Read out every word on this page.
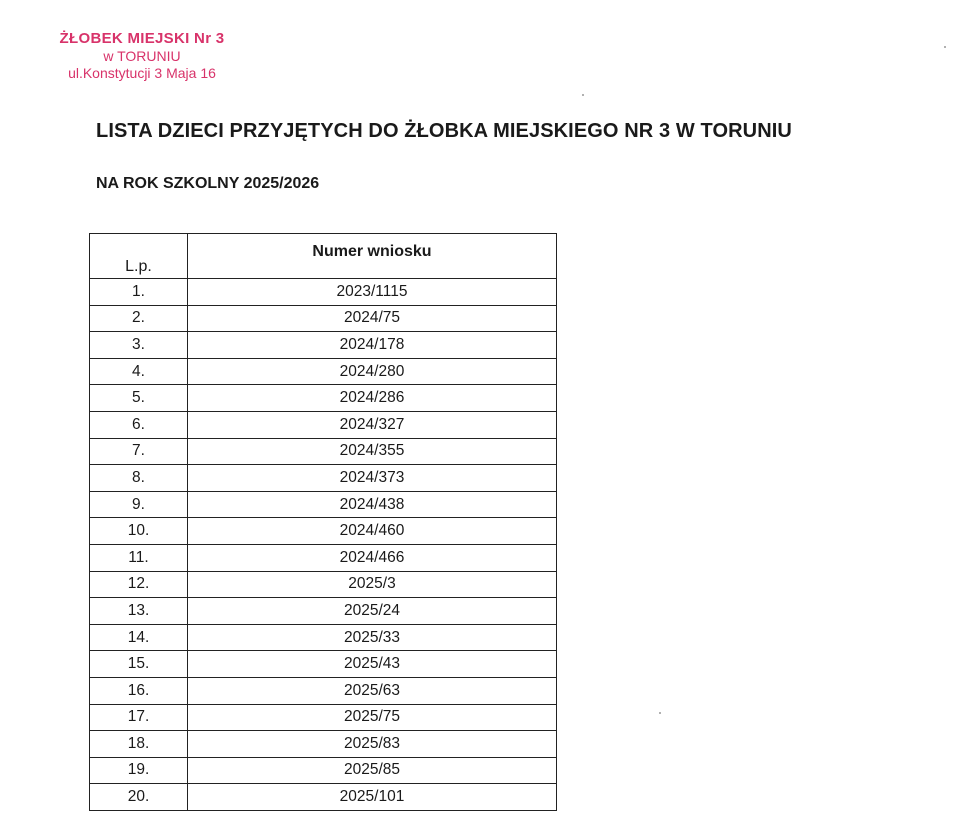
ŻŁOBEK MIEJSKI Nr 3
w TORUNIU
ul.Konstytucji 3 Maja 16
LISTA DZIECI PRZYJĘTYCH DO ŻŁOBKA MIEJSKIEGO NR 3 W TORUNIU
NA ROK SZKOLNY 2025/2026
L.p.	Numer wniosku
1.	2023/1115
2.	2024/75
3.	2024/178
4.	2024/280
5.	2024/286
6.	2024/327
7.	2024/355
8.	2024/373
9.	2024/438
10.	2024/460
11.	2024/466
12.	2025/3
13.	2025/24
14.	2025/33
15.	2025/43
16.	2025/63
17.	2025/75
18.	2025/83
19.	2025/85
20.	2025/101
